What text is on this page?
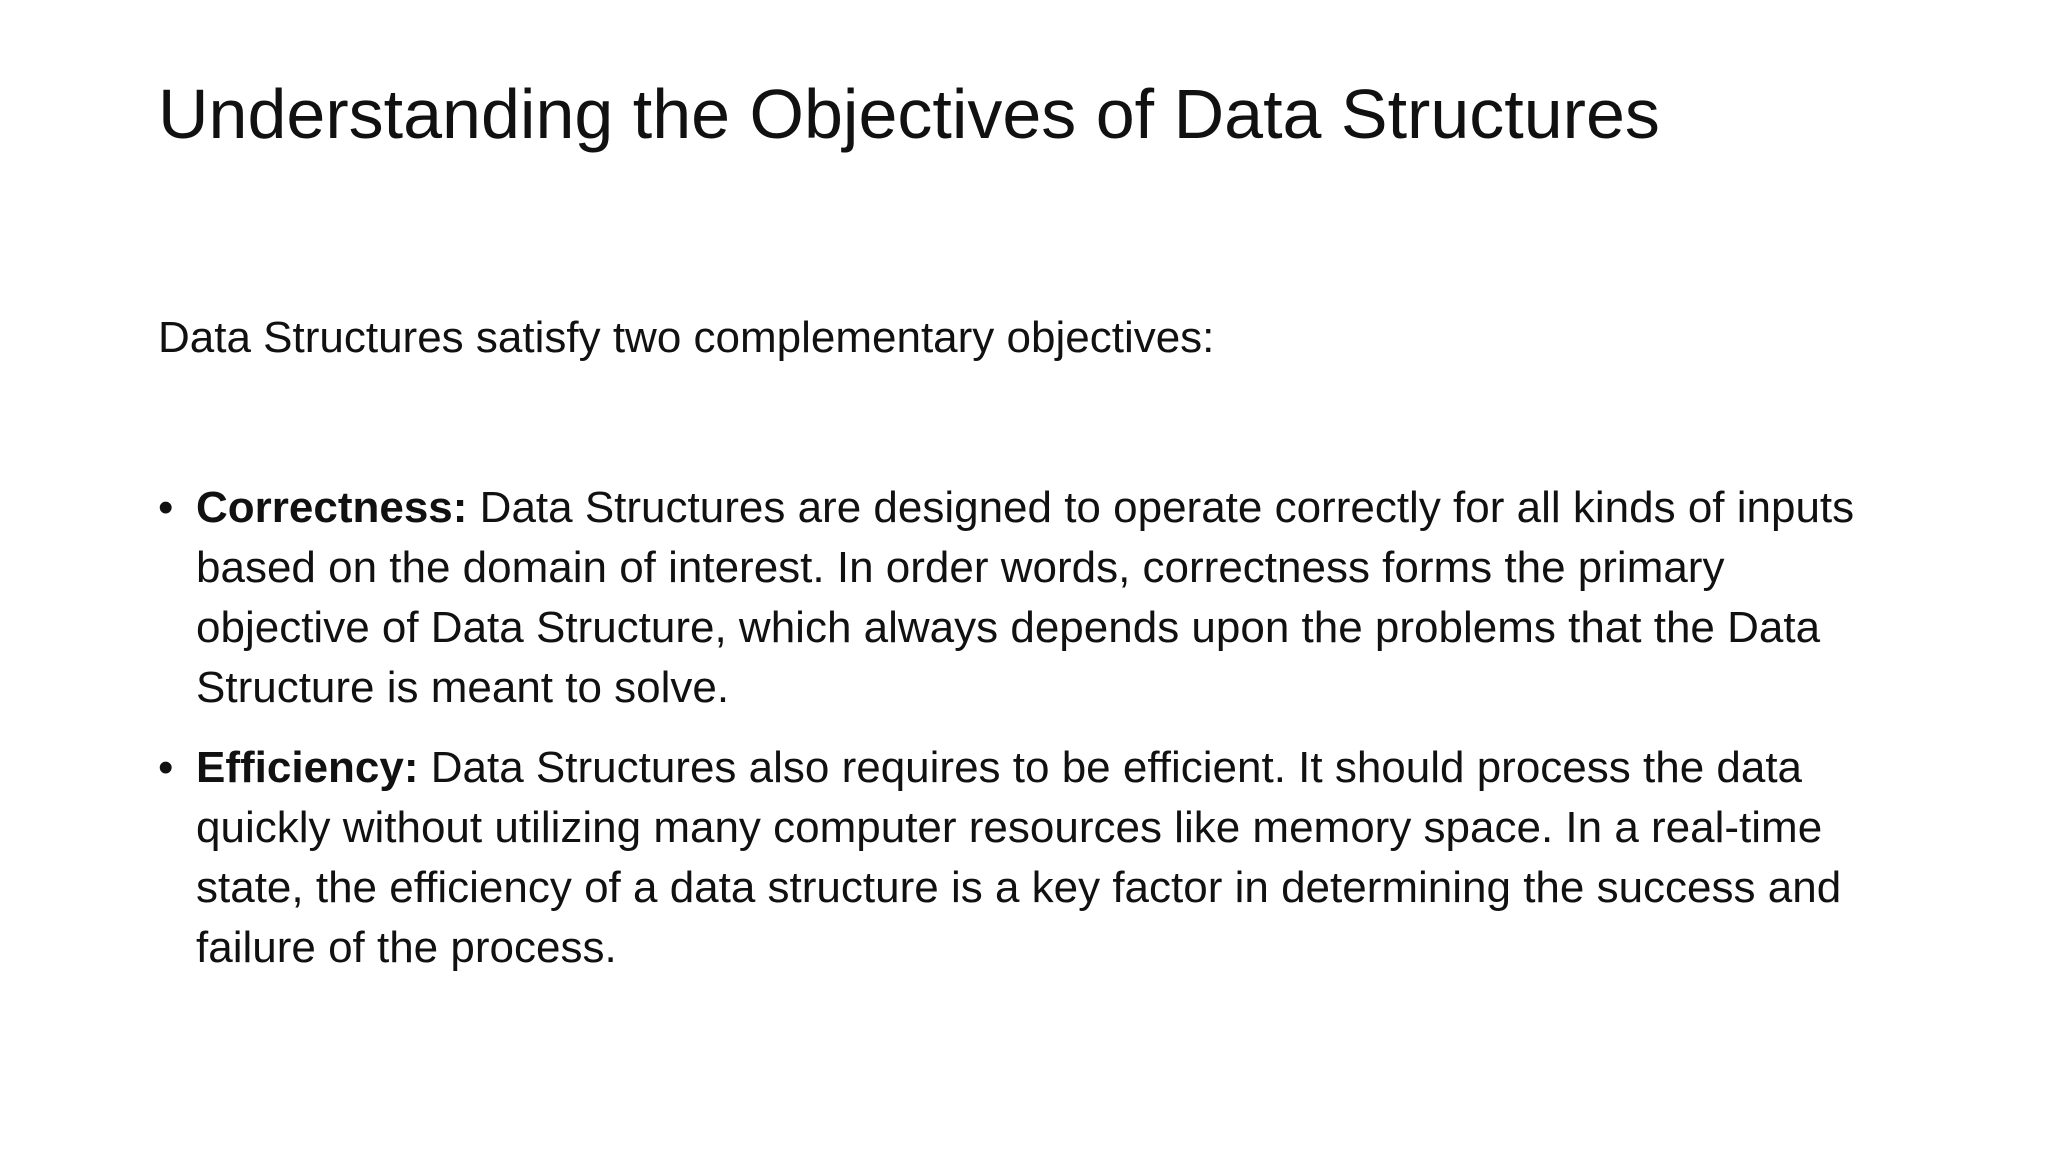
Understanding the Objectives of Data Structures

Data Structures satisfy two complementary objectives:

• Correctness: Data Structures are designed to operate correctly for all kinds of inputs based on the domain of interest. In order words, correctness forms the primary objective of Data Structure, which always depends upon the problems that the Data Structure is meant to solve.
• Efficiency: Data Structures also requires to be efficient. It should process the data quickly without utilizing many computer resources like memory space. In a real-time state, the efficiency of a data structure is a key factor in determining the success and failure of the process.
